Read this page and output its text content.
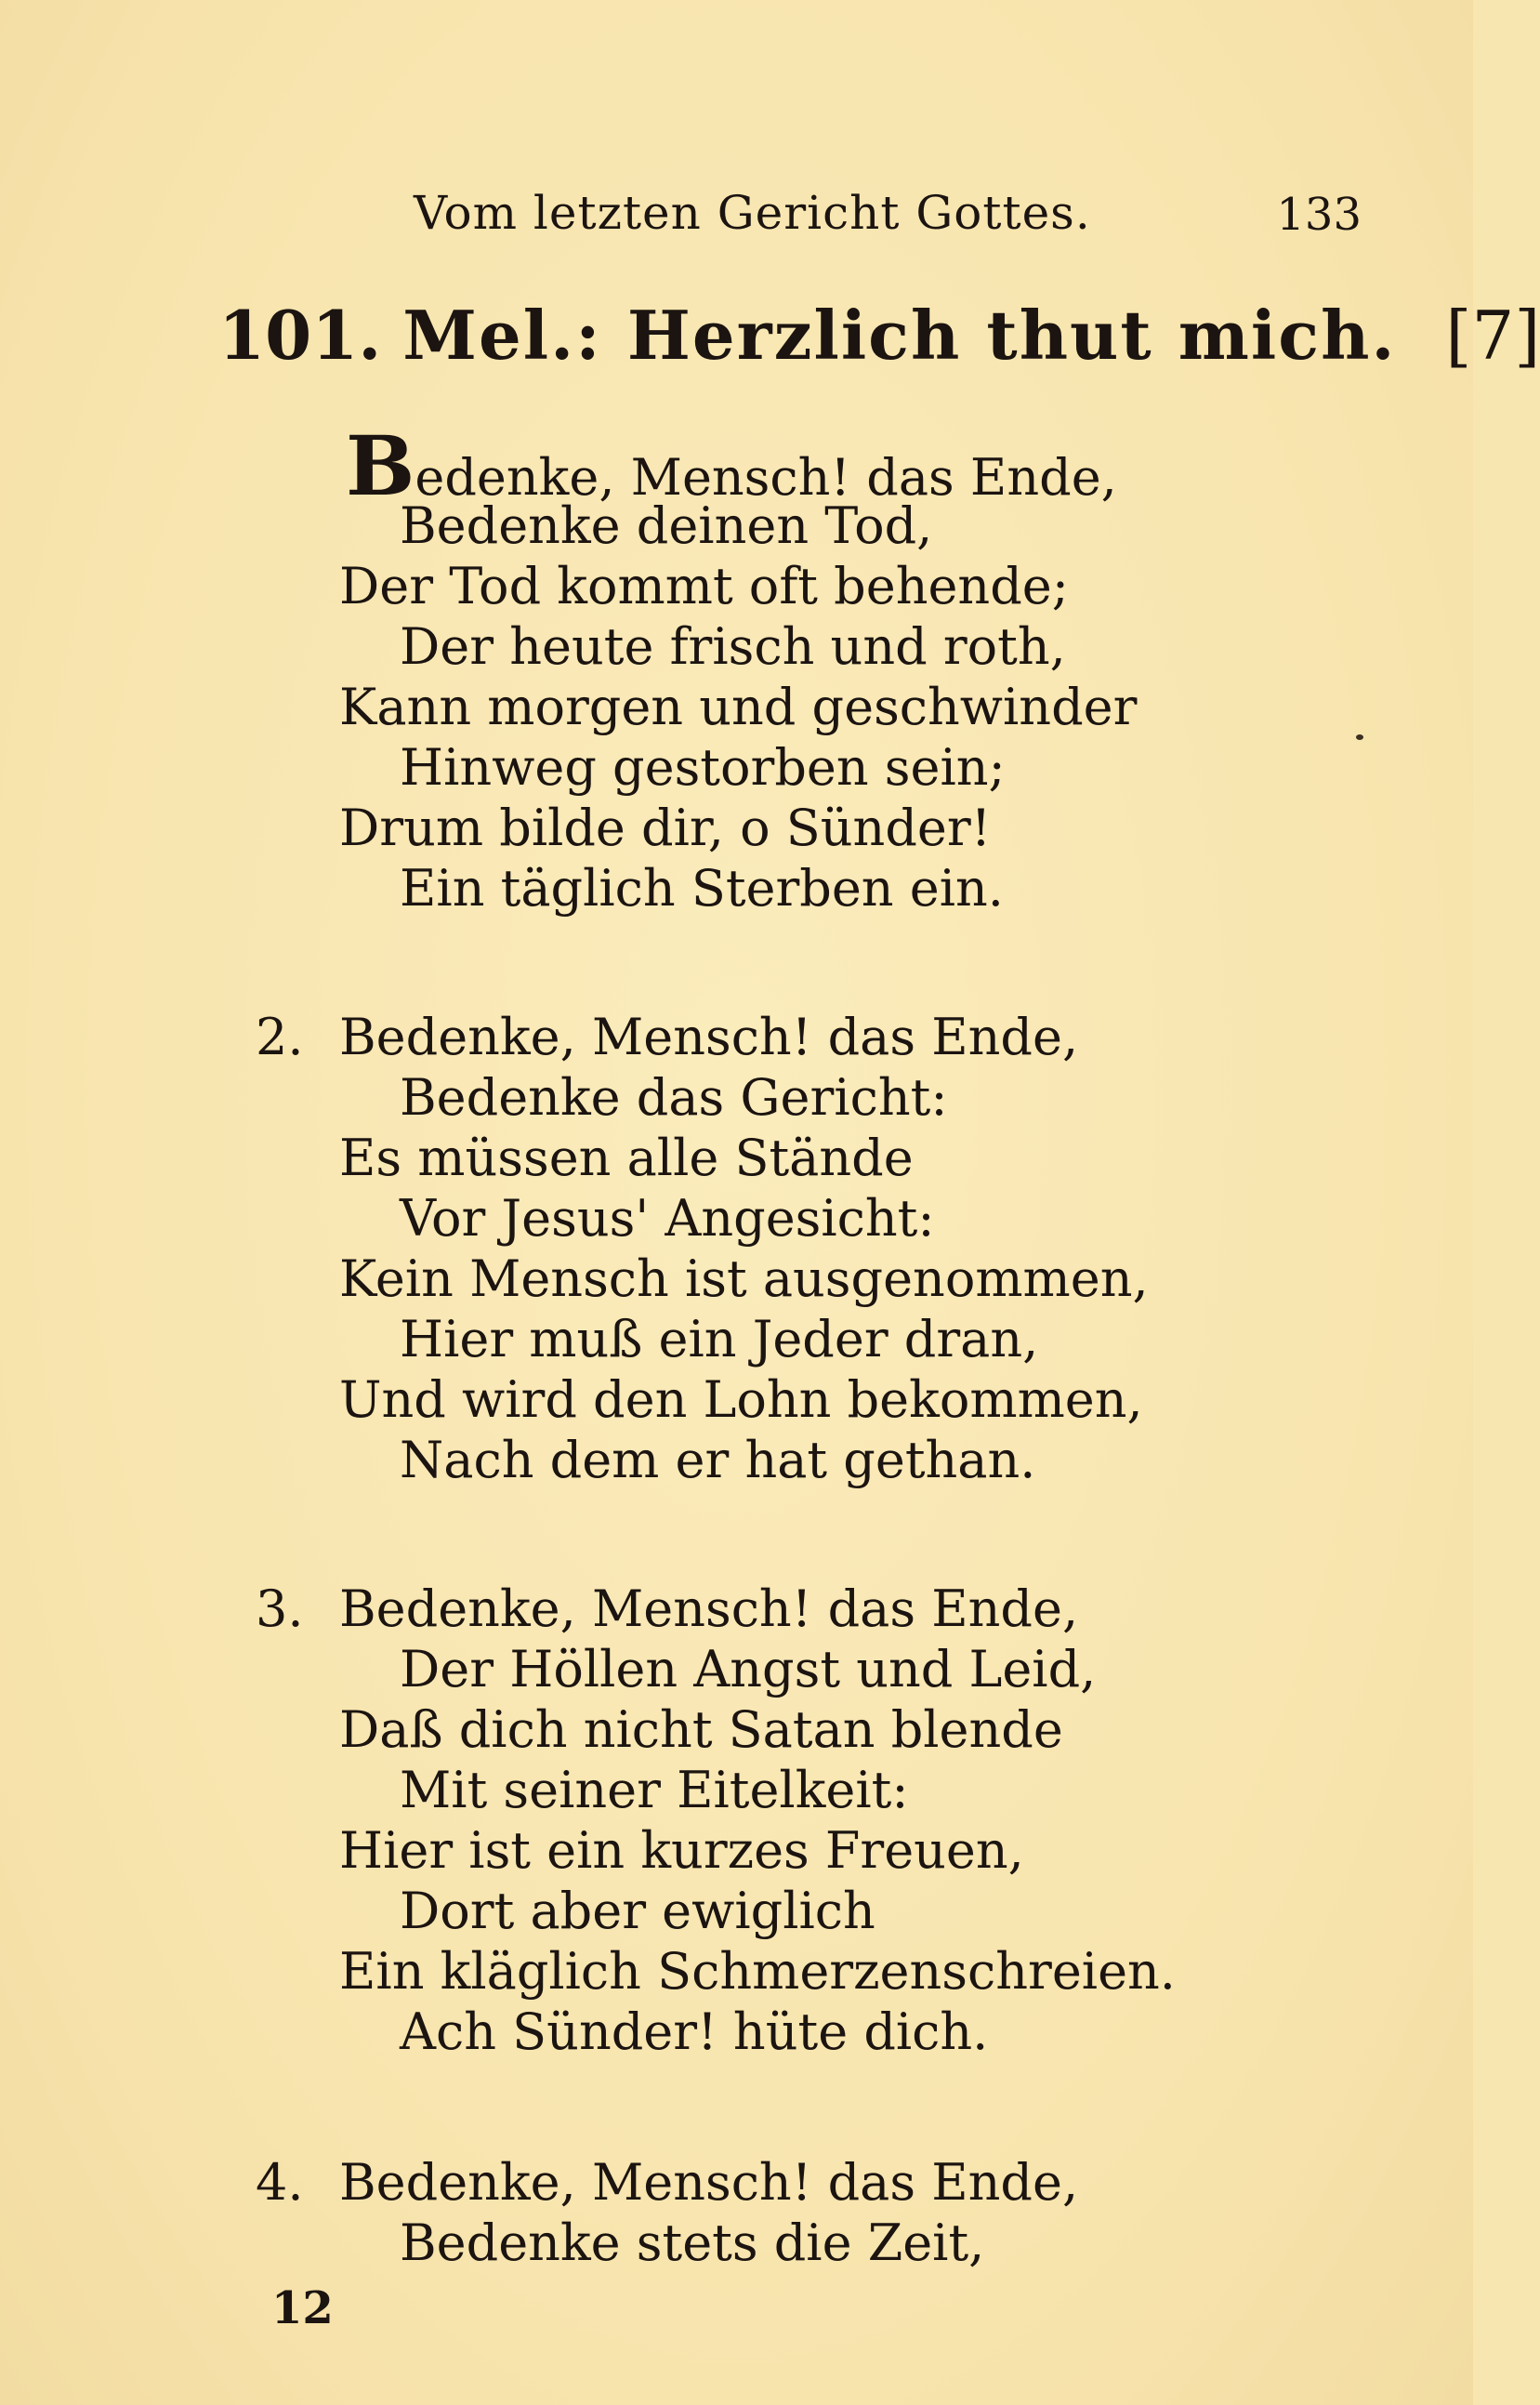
Vom letzten Gericht Gottes.	133
101. Mel.: Herzlich thut mich. [7]
Bedenke, Mensch! das Ende,
Bedenke deinen Tod,
Der Tod kommt oft behende;
Der heute frisch und roth,
Kann morgen und geschwinder
Hinweg gestorben sein;
Drum bilde dir, o Sünder!
Ein täglich Sterben ein.
2. Bedenke, Mensch! das Ende,
Bedenke das Gericht:
Es müssen alle Stände
Vor Jesus' Angesicht:
Kein Mensch ist ausgenommen,
Hier muß ein Jeder dran,
Und wird den Lohn bekommen,
Nach dem er hat gethan.
3. Bedenke, Mensch! das Ende,
Der Höllen Angst und Leid,
Daß dich nicht Satan blende
Mit seiner Eitelkeit:
Hier ist ein kurzes Freuen,
Dort aber ewiglich
Ein kläglich Schmerzenschreien.
Ach Sünder! hüte dich.
4. Bedenke, Mensch! das Ende,
Bedenke stets die Zeit,
12
